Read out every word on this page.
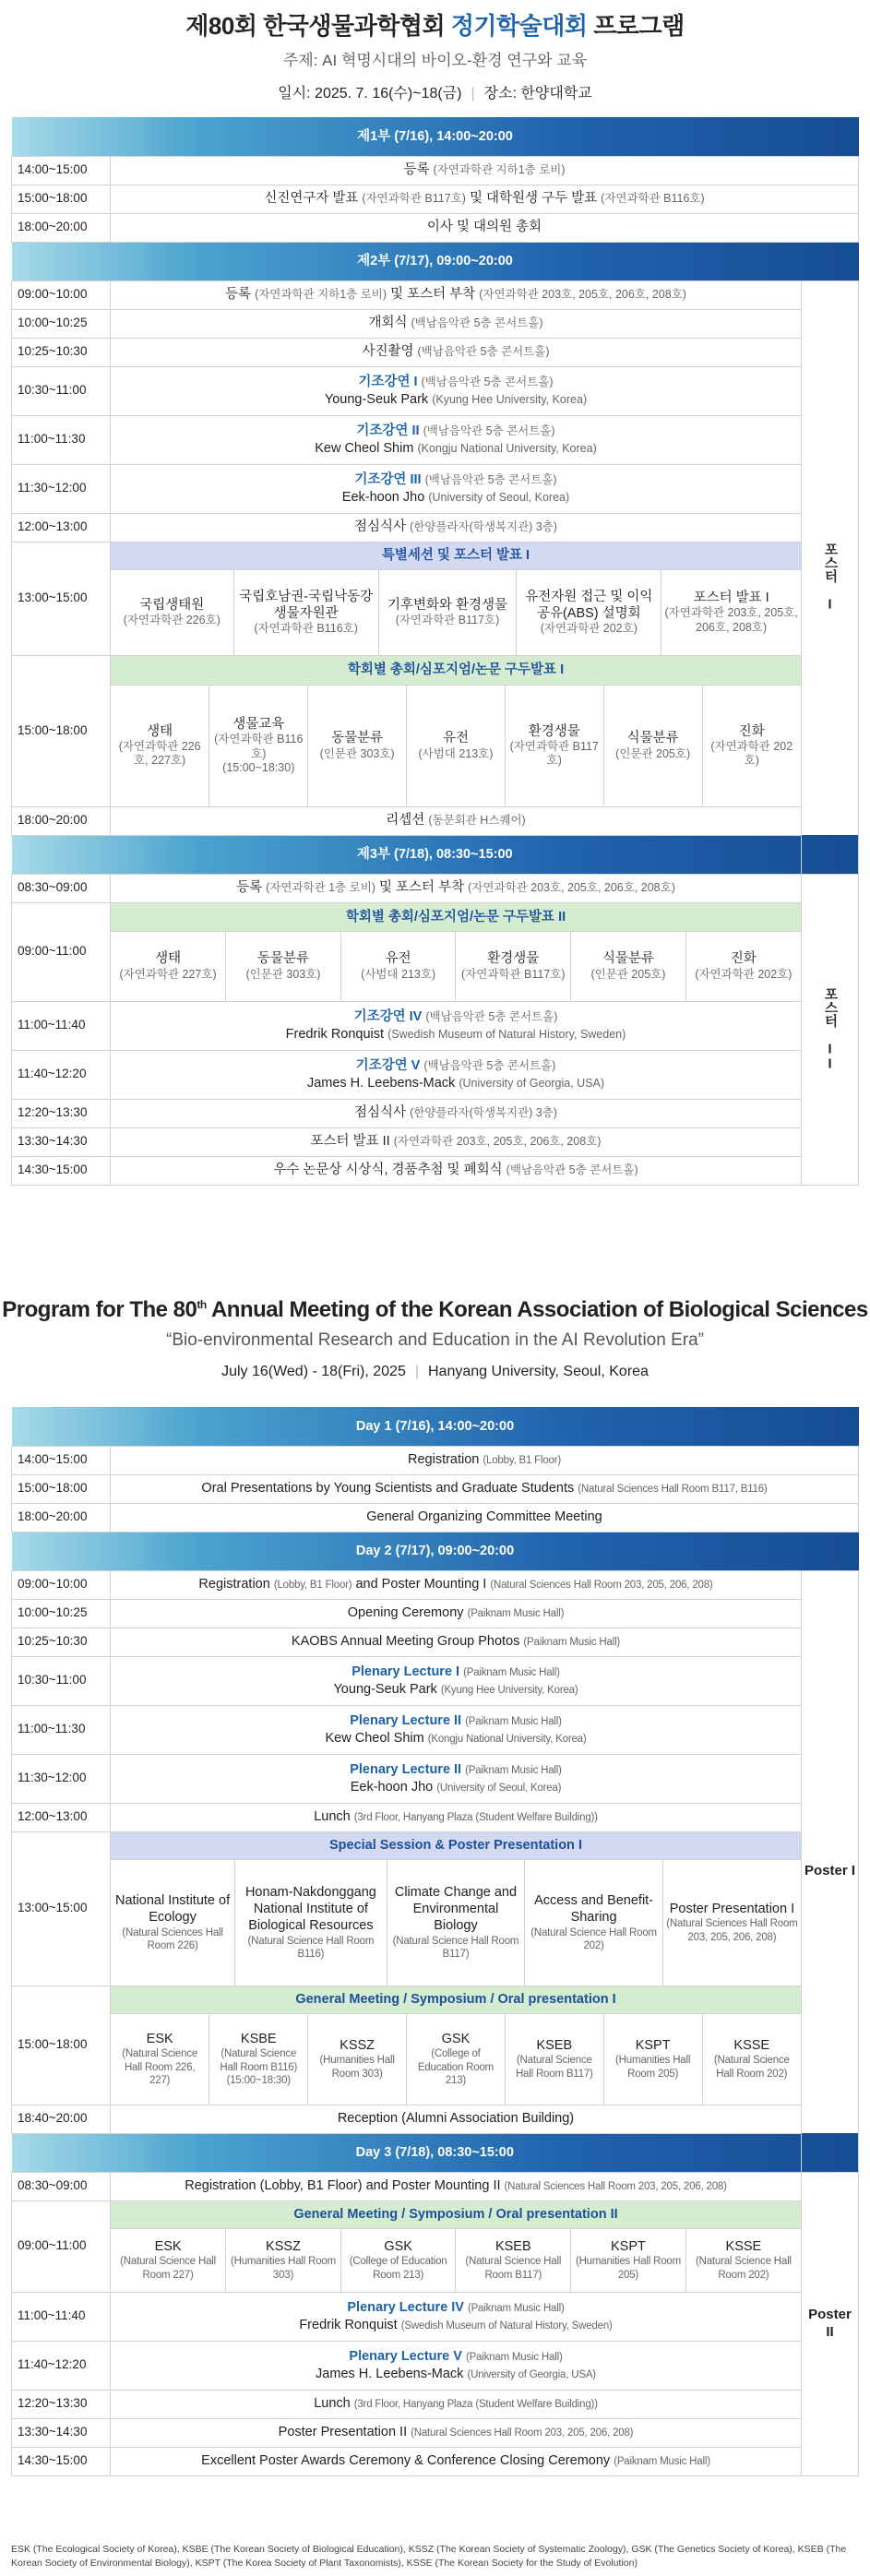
제80회 한국생물과학협회 정기학술대회 프로그램
주제: AI 혁명시대의 바이오-환경 연구와 교육
일시: 2025. 7. 16(수)~18(금) | 장소: 한양대학교
제1부 (7/16), 14:00~20:00
14:00~15:00	등록 (자연과학관 지하1층 로비)
15:00~18:00	신진연구자 발표 (자연과학관 B117호) 및 대학원생 구두 발표 (자연과학관 B116호)
18:00~20:00	이사 및 대의원 총회
제2부 (7/17), 09:00~20:00
09:00~10:00	등록 (자연과학관 지하1층 로비) 및 포스터 부착 (자연과학관 203호, 205호, 206호, 208호)	포스터 I
10:00~10:25	개회식 (백남음악관 5층 콘서트홀)
10:25~10:30	사진촬영 (백남음악관 5층 콘서트홀)
10:30~11:00	기조강연 I (백남음악관 5층 콘서트홀)
Young-Seuk Park (Kyung Hee University, Korea)
11:00~11:30	기조강연 II (백남음악관 5층 콘서트홀)
Kew Cheol Shim (Kongju National University, Korea)
11:30~12:00	기조강연 III (백남음악관 5층 콘서트홀)
Eek-hoon Jho (University of Seoul, Korea)
12:00~13:00	점심식사 (한양플라자(학생복지관) 3층)
13:00~15:00	
특별세션 및 포스터 발표 I
국립생태원
(자연과학관 226호)
	국립호남권-국립낙동강생물자원관
(자연과학관 B116호)
	기후변화와 환경생물
(자연과학관 B117호)
	유전자원 접근 및 이익공유(ABS) 설명회
(자연과학관 202호)
	포스터 발표 I
(자연과학관 203호, 205호, 206호, 208호)

15:00~18:00	
학회별 총회/심포지엄/논문 구두발표 I
생태
(자연과학관 226호, 227호)
	생물교육
(자연과학관 B116호)
(15:00~18:30)
	동물분류
(인문관 303호)
	유전
(사범대 213호)
	환경생물
(자연과학관 B117호)
	식물분류
(인문관 205호)
	진화
(자연과학관 202호)

18:00~20:00	리셉션 (동문회관 H스퀘어)
제3부 (7/18), 08:30~15:00
08:30~09:00	등록 (자연과학관 1층 로비) 및 포스터 부착 (자연과학관 203호, 205호, 206호, 208호)	포스터 II
09:00~11:00	
학회별 총회/심포지엄/논문 구두발표 II
생태
(자연과학관 227호)
	동물분류
(인문관 303호)
	유전
(사범대 213호)
	환경생물
(자연과학관 B117호)
	식물분류
(인문관 205호)
	진화
(자연과학관 202호)

11:00~11:40	기조강연 IV (백남음악관 5층 콘서트홀)
Fredrik Ronquist (Swedish Museum of Natural History, Sweden)
11:40~12:20	기조강연 V (백남음악관 5층 콘서트홀)
James H. Leebens-Mack (University of Georgia, USA)
12:20~13:30	점심식사 (한양플라자(학생복지관) 3층)
13:30~14:30	포스터 발표 II (자연과학관 203호, 205호, 206호, 208호)
14:30~15:00	우수 논문상 시상식, 경품추첨 및 폐회식 (백남음악관 5층 콘서트홀)
Program for The 80th Annual Meeting of the Korean Association of Biological Sciences
“Bio-environmental Research and Education in the AI Revolution Era”
July 16(Wed) - 18(Fri), 2025 | Hanyang University, Seoul, Korea
Day 1 (7/16), 14:00~20:00
14:00~15:00	Registration (Lobby, B1 Floor)
15:00~18:00	Oral Presentations by Young Scientists and Graduate Students (Natural Sciences Hall Room B117, B116)
18:00~20:00	General Organizing Committee Meeting
Day 2 (7/17), 09:00~20:00
09:00~10:00	Registration (Lobby, B1 Floor) and Poster Mounting I (Natural Sciences Hall Room 203, 205, 206, 208)	Poster I
10:00~10:25	Opening Ceremony (Paiknam Music Hall)
10:25~10:30	KAOBS Annual Meeting Group Photos (Paiknam Music Hall)
10:30~11:00	Plenary Lecture I (Paiknam Music Hall)
Young-Seuk Park (Kyung Hee University, Korea)
11:00~11:30	Plenary Lecture II (Paiknam Music Hall)
Kew Cheol Shim (Kongju National University, Korea)
11:30~12:00	Plenary Lecture II (Paiknam Music Hall)
Eek-hoon Jho (University of Seoul, Korea)
12:00~13:00	Lunch (3rd Floor, Hanyang Plaza (Student Welfare Building))
13:00~15:00	
Special Session & Poster Presentation I
National Institute of Ecology
(Natural Sciences Hall Room 226)
	Honam-Nakdonggang National Institute of Biological Resources
(Natural Science Hall Room B116)
	Climate Change and Environmental Biology
(Natural Science Hall Room B117)
	Access and Benefit-Sharing
(Natural Science Hall Room 202)
	Poster Presentation I
(Natural Sciences Hall Room 203, 205, 206, 208)

15:00~18:00	
General Meeting / Symposium / Oral presentation I
ESK
(Natural Science Hall Room 226, 227)
	KSBE
(Natural Science Hall Room B116)
(15:00~18:30)
	KSSZ
(Humanities Hall Room 303)
	GSK
(College of Education Room 213)
	KSEB
(Natural Science Hall Room B117)
	KSPT
(Humanities Hall Room 205)
	KSSE
(Natural Science Hall Room 202)

18:40~20:00	Reception (Alumni Association Building)
Day 3 (7/18), 08:30~15:00
08:30~09:00	Registration (Lobby, B1 Floor) and Poster Mounting II (Natural Sciences Hall Room 203, 205, 206, 208)	Poster II
09:00~11:00	
General Meeting / Symposium / Oral presentation II
ESK
(Natural Science Hall Room 227)
	KSSZ
(Humanities Hall Room 303)
	GSK
(College of Education Room 213)
	KSEB
(Natural Science Hall Room B117)
	KSPT
(Humanities Hall Room 205)
	KSSE
(Natural Science Hall Room 202)

11:00~11:40	Plenary Lecture IV (Paiknam Music Hall)
Fredrik Ronquist (Swedish Museum of Natural History, Sweden)
11:40~12:20	Plenary Lecture V (Paiknam Music Hall)
James H. Leebens-Mack (University of Georgia, USA)
12:20~13:30	Lunch (3rd Floor, Hanyang Plaza (Student Welfare Building))
13:30~14:30	Poster Presentation II (Natural Sciences Hall Room 203, 205, 206, 208)
14:30~15:00	Excellent Poster Awards Ceremony & Conference Closing Ceremony (Paiknam Music Hall)
ESK (The Ecological Society of Korea), KSBE (The Korean Society of Biological Education), KSSZ (The Korean Society of Systematic Zoology), GSK (The Genetics Society of Korea), KSEB (The Korean Society of Environmental Biology), KSPT (The Korea Society of Plant Taxonomists), KSSE (The Korean Society for the Study of Evolution)
